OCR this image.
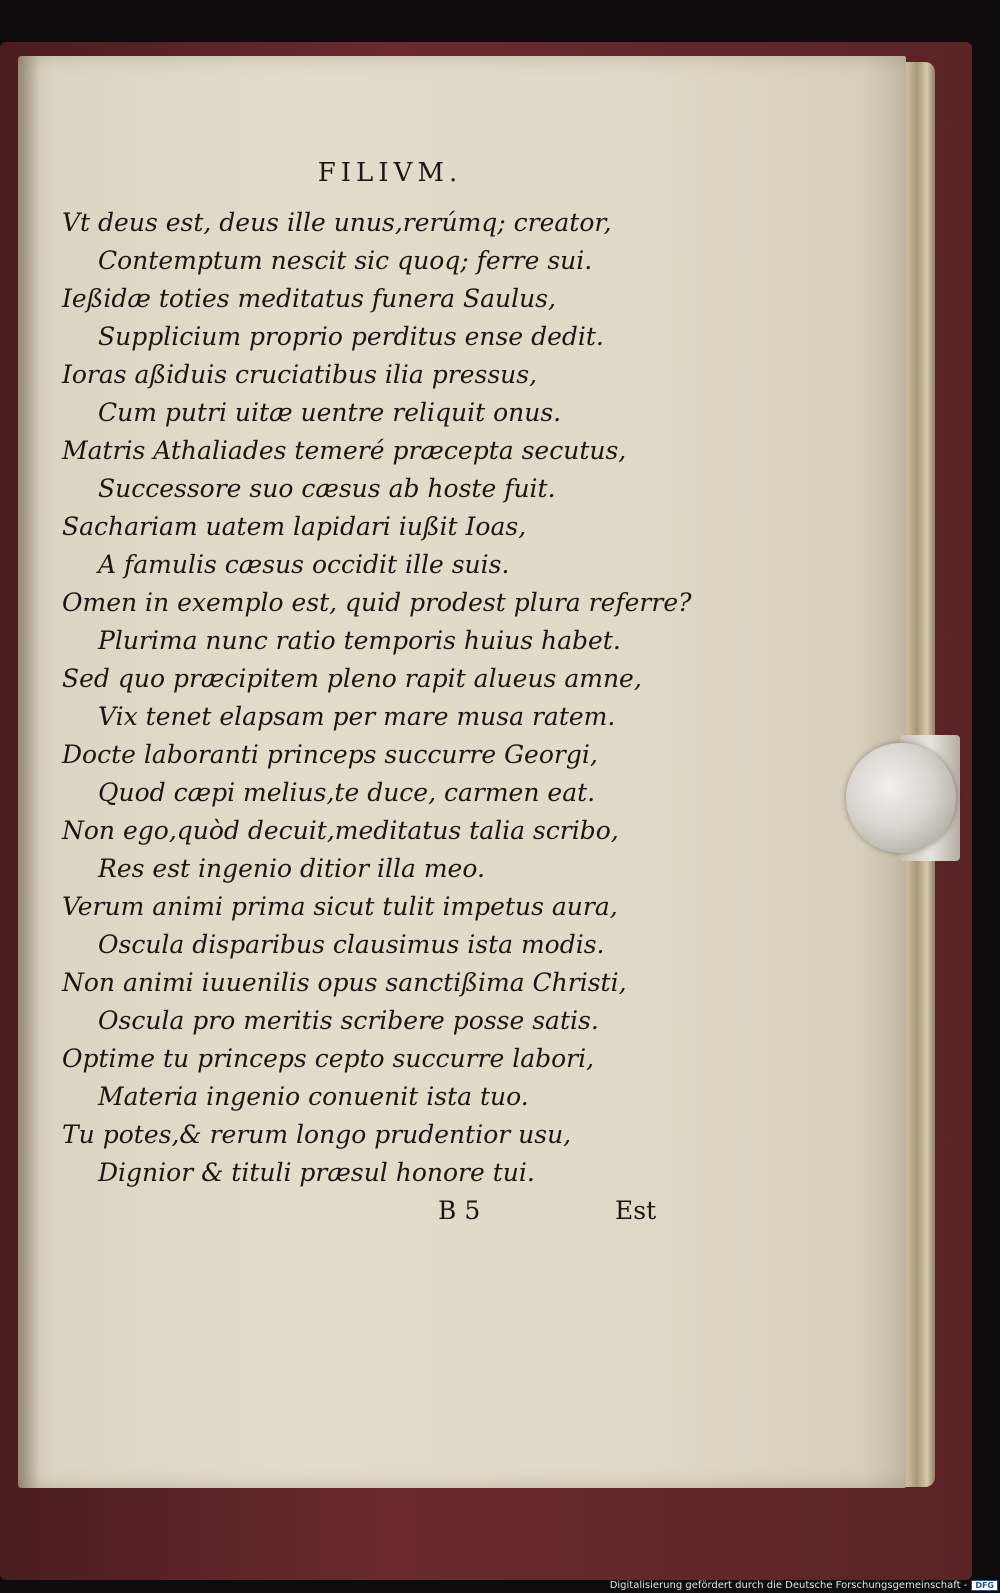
FILIVM.
Vt deus est, deus ille unus,rerúmq; creator,
Contemptum nescit sic quoq; ferre sui.
Ießidæ toties meditatus funera Saulus,
Supplicium proprio perditus ense dedit.
Ioras aßiduis cruciatibus ilia pressus,
Cum putri uitæ uentre reliquit onus.
Matris Athaliades temeré præcepta secutus,
Successore suo cæsus ab hoste fuit.
Sachariam uatem lapidari iußit Ioas,
A famulis cæsus occidit ille suis.
Omen in exemplo est, quid prodest plura referre?
Plurima nunc ratio temporis huius habet.
Sed quo præcipitem pleno rapit alueus amne,
Vix tenet elapsam per mare musa ratem.
Docte laboranti princeps succurre Georgi,
Quod cæpi melius,te duce, carmen eat.
Non ego,quòd decuit,meditatus talia scribo,
Res est ingenio ditior illa meo.
Verum animi prima sicut tulit impetus aura,
Oscula disparibus clausimus ista modis.
Non animi iuuenilis opus sanctißima Christi,
Oscula pro meritis scribere posse satis.
Optime tu princeps cepto succurre labori,
Materia ingenio conuenit ista tuo.
Tu potes,& rerum longo prudentior usu,
Dignior & tituli præsul honore tui.
B 5	Est
Digitalisierung gefördert durch die Deutsche Forschungsgemeinschaft -	DFG
